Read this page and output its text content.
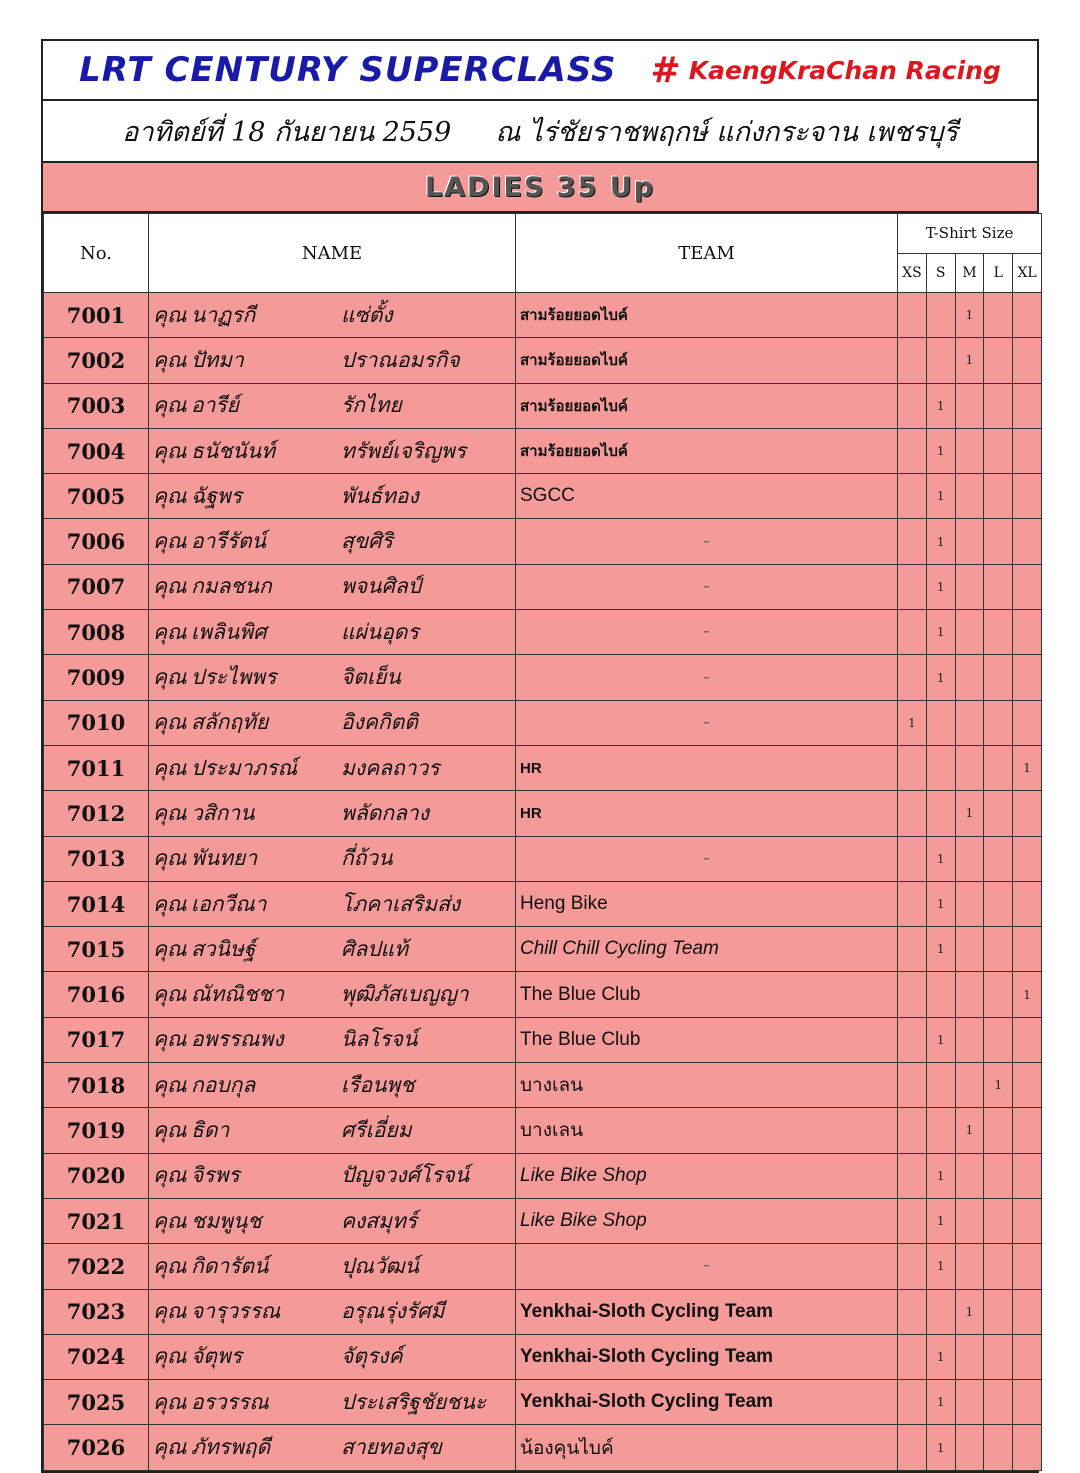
LRT CENTURY SUPERCLASS # KaengKraChan Racing
อาทิตย์ที่ 18 กันยายน 2559 ณ ไร่ชัยราชพฤกษ์ แก่งกระจาน เพชรบุรี
LADIES 35 Up
No.	NAME	TEAM	T-Shirt Size				
			XS	S	M	L	XL
7001	คุณ นาฏรกี แซ่ตั้ง	สามร้อยยอดไบค์			1		
7002	คุณ ปัทมา ปราณอมรกิจ	สามร้อยยอดไบค์			1		
7003	คุณ อารีย์ รักไทย	สามร้อยยอดไบค์		1			
7004	คุณ ธนัชนันท์ ทรัพย์เจริญพร	สามร้อยยอดไบค์		1			
7005	คุณ ฉัฐพร พันธ์ทอง	SGCC		1			
7006	คุณ อารีรัตน์ สุขศิริ	-		1			
7007	คุณ กมลชนก พจนศิลป์	-		1			
7008	คุณ เพลินพิศ แผ่นอุดร	-		1			
7009	คุณ ประไพพร จิตเย็น	-		1			
7010	คุณ สลักฤทัย อิงคกิตติ	-	1				
7011	คุณ ประมาภรณ์ มงคลถาวร	HR					1
7012	คุณ วสิกาน พลัดกลาง	HR			1		
7013	คุณ พันทยา กี่ถ้วน	-		1			
7014	คุณ เอกวีณา โภคาเสริมส่ง	Heng Bike		1			
7015	คุณ สวนิษฐ์ ศิลปแท้	Chill Chill Cycling Team		1			
7016	คุณ ณัทณิชชา พุฒิภัสเบญญา	The Blue Club					1
7017	คุณ อพรรณพง นิลโรจน์	The Blue Club		1			
7018	คุณ กอบกุล เรือนพุช	บางเลน				1	
7019	คุณ ธิดา ศรีเอี่ยม	บางเลน			1		
7020	คุณ จิรพร ปัญจวงศ์โรจน์	Like Bike Shop		1			
7021	คุณ ชมพูนุช คงสมุทร์	Like Bike Shop		1			
7022	คุณ กิดารัตน์ ปุณวัฒน์	-		1			
7023	คุณ จารุวรรณ อรุณรุ่งรัศมี	Yenkhai-Sloth Cycling Team			1		
7024	คุณ จัตุพร จัตุรงค์	Yenkhai-Sloth Cycling Team		1			
7025	คุณ อรวรรณ ประเสริฐชัยชนะ	Yenkhai-Sloth Cycling Team		1			
7026	คุณ ภัทรพฤดี สายทองสุข	น้องคุนไบค์		1			
